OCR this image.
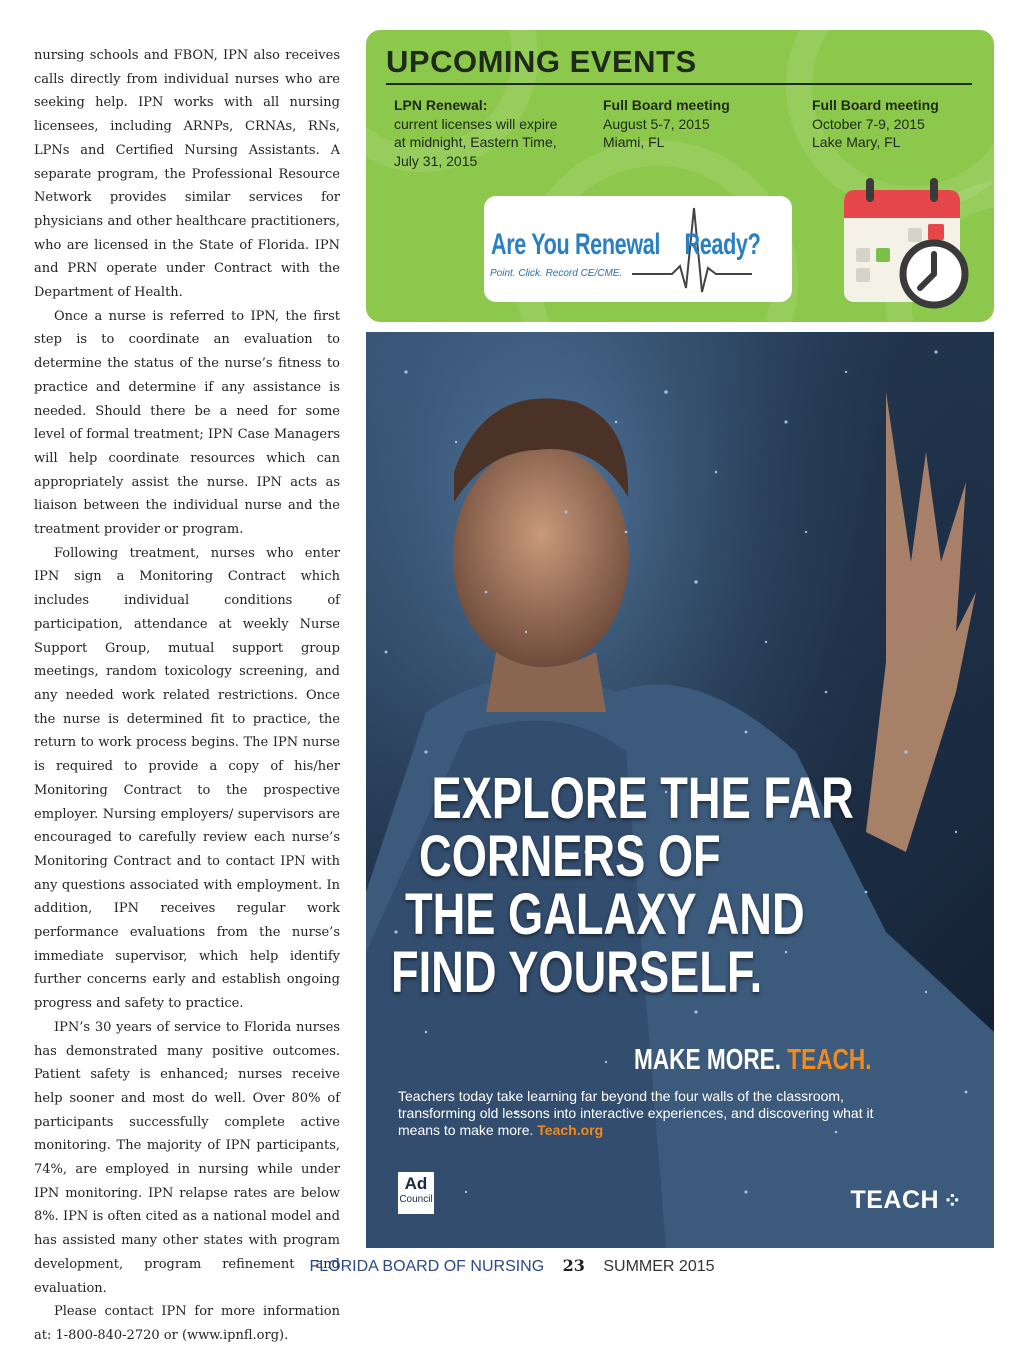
nursing schools and FBON, IPN also receives calls directly from individual nurses who are seeking help. IPN works with all nursing licensees, including ARNPs, CRNAs, RNs, LPNs and Certified Nursing Assistants. A separate program, the Professional Resource Network provides similar services for physicians and other healthcare practitioners, who are licensed in the State of Florida. IPN and PRN operate under Contract with the Department of Health.

Once a nurse is referred to IPN, the first step is to coordinate an evaluation to determine the status of the nurse’s fitness to practice and determine if any assistance is needed. Should there be a need for some level of formal treatment; IPN Case Managers will help coordinate resources which can appropriately assist the nurse. IPN acts as liaison between the individual nurse and the treatment provider or program.

Following treatment, nurses who enter IPN sign a Monitoring Contract which includes individual conditions of participation, attendance at weekly Nurse Support Group, mutual support group meetings, random toxicology screening, and any needed work related restrictions. Once the nurse is determined fit to practice, the return to work process begins. The IPN nurse is required to provide a copy of his/her Monitoring Contract to the prospective employer. Nursing employers/ supervisors are encouraged to carefully review each nurse’s Monitoring Contract and to contact IPN with any questions associated with employment. In addition, IPN receives regular work performance evaluations from the nurse’s immediate supervisor, which help identify further concerns early and establish ongoing progress and safety to practice.

IPN’s 30 years of service to Florida nurses has demonstrated many positive outcomes. Patient safety is enhanced; nurses receive help sooner and most do well. Over 80% of participants successfully complete active monitoring. The majority of IPN participants, 74%, are employed in nursing while under IPN monitoring. IPN relapse rates are below 8%. IPN is often cited as a national model and has assisted many other states with program development, program refinement and evaluation.

Please contact IPN for more information at: 1-800-840-2720 or (www.ipnfl.org).

UPCOMING EVENTS
LPN Renewal:
current licenses will expire
at midnight, Eastern Time,
July 31, 2015
Full Board meeting
August 5-7, 2015
Miami, FL
Full Board meeting
October 7-9, 2015
Lake Mary, FL

Are You Renewal Ready?

Point. Click. Record CE/CME.

EXPLORE THE FAR
CORNERS OF
THE GALAXY AND
FIND YOURSELF.

MAKE MORE. TEACH.

Teachers today take learning far beyond the four walls of the classroom, transforming old lessons into interactive experiences, and discovering what it means to make more. Teach.org

Ad
Council	TEACH ⁘

FLORIDA BOARD OF NURSING 23 SUMMER 2015
